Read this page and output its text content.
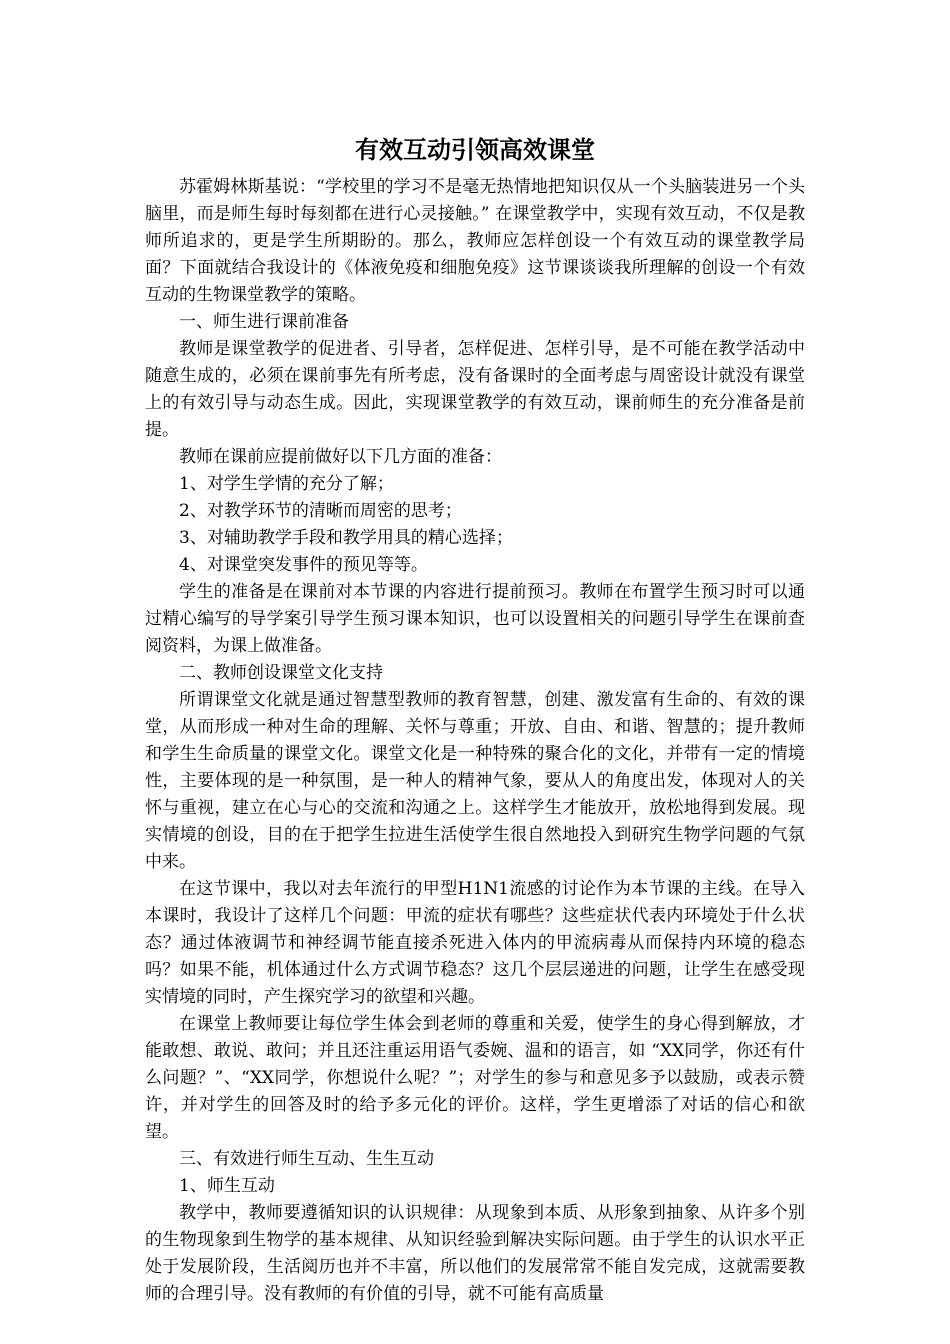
有效互动引领高效课堂

苏霍姆林斯基说：“学校里的学习不是毫无热情地把知识仅从一个头脑装进另一个头脑里，而是师生每时每刻都在进行心灵接触。” 在课堂教学中，实现有效互动，不仅是教师所追求的，更是学生所期盼的。那么，教师应怎样创设一个有效互动的课堂教学局面？下面就结合我设计的《体液免疫和细胞免疫》这节课谈谈我所理解的创设一个有效互动的生物课堂教学的策略。

一、师生进行课前准备

教师是课堂教学的促进者、引导者，怎样促进、怎样引导，是不可能在教学活动中随意生成的，必须在课前事先有所考虑，没有备课时的全面考虑与周密设计就没有课堂上的有效引导与动态生成。因此，实现课堂教学的有效互动，课前师生的充分准备是前提。

教师在课前应提前做好以下几方面的准备：

1、对学生学情的充分了解；

2、对教学环节的清晰而周密的思考；

3、对辅助教学手段和教学用具的精心选择；

4、对课堂突发事件的预见等等。

学生的准备是在课前对本节课的内容进行提前预习。教师在布置学生预习时可以通过精心编写的导学案引导学生预习课本知识，也可以设置相关的问题引导学生在课前查阅资料，为课上做准备。

二、教师创设课堂文化支持

所谓课堂文化就是通过智慧型教师的教育智慧，创建、激发富有生命的、有效的课堂，从而形成一种对生命的理解、关怀与尊重；开放、自由、和谐、智慧的；提升教师和学生生命质量的课堂文化。课堂文化是一种特殊的聚合化的文化，并带有一定的情境性，主要体现的是一种氛围，是一种人的精神气象，要从人的角度出发，体现对人的关怀与重视，建立在心与心的交流和沟通之上。这样学生才能放开，放松地得到发展。现实情境的创设，目的在于把学生拉进生活使学生很自然地投入到研究生物学问题的气氛中来。

在这节课中，我以对去年流行的甲型H1N1流感的讨论作为本节课的主线。在导入本课时，我设计了这样几个问题：甲流的症状有哪些？这些症状代表内环境处于什么状态？通过体液调节和神经调节能直接杀死进入体内的甲流病毒从而保持内环境的稳态吗？如果不能，机体通过什么方式调节稳态？这几个层层递进的问题，让学生在感受现实情境的同时，产生探究学习的欲望和兴趣。

在课堂上教师要让每位学生体会到老师的尊重和关爱，使学生的身心得到解放，才能敢想、敢说、敢问；并且还注重运用语气委婉、温和的语言，如 “XX同学，你还有什么问题？”、“XX同学，你想说什么呢？”；对学生的参与和意见多予以鼓励，或表示赞许，并对学生的回答及时的给予多元化的评价。这样，学生更增添了对话的信心和欲望。

三、有效进行师生互动、生生互动

1、师生互动

教学中，教师要遵循知识的认识规律：从现象到本质、从形象到抽象、从许多个别的生物现象到生物学的基本规律、从知识经验到解决实际问题。由于学生的认识水平正处于发展阶段，生活阅历也并不丰富，所以他们的发展常常不能自发完成，这就需要教师的合理引导。没有教师的有价值的引导，就不可能有高质量
